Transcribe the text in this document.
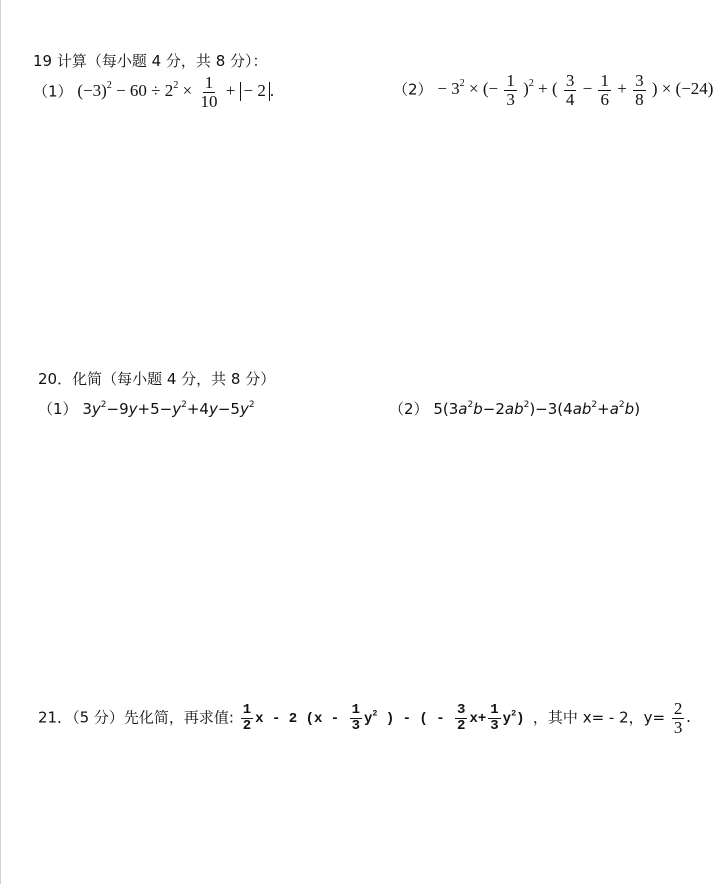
19 计算（每小题 4 分，共 8 分）：
（1） $(-3)^2 - 60 \div 2^2 \times \frac{1}{10}$ + − 2 .	$(2) - 3^2$ × (− $\frac{1}{3} )^2$ + ( $\frac{3}{4} - \frac{1}{6} + \frac{3}{8}$ ) × (−24)
20．化简（每小题 4 分，共 8 分）
（1） $3y^2-9y+5-y^2+4y-5y^2$	（2） $5(3a^2b-2ab^2)-3(4ab^2+a^2b)$
21．（5 分）先化简，再求值: $\frac{1}{2}$ x - 2 ($x - \frac{1}{3} y^2$ ) - ( - $\frac{3}{2} x+ \frac{1}{3} y^2$) ，其中 x= - 2，$y= \frac{2}{3}$ .
